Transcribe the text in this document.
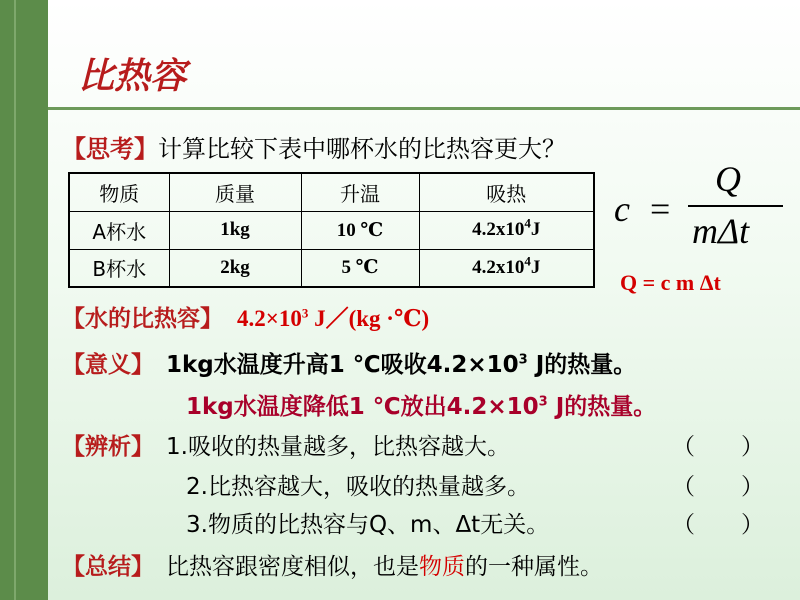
比热容
【思考】计算比较下表中哪杯水的比热容更大？
物质	质量	升温	吸热
A杯水	1kg	10 ℃	$4.2x10^4J$
B杯水	2kg	5 ℃	$4.2x10^4J$
c =
Q
mΔt
Q = c m Δt
【水的比热容】 $4.2\times 10^3$ J／(kg ·℃)
【意义】 1kg水温度升高1 ℃吸收$4.2\times 10^3$ J的热量。
1kg水温度降低1 ℃放出$4.2\times 10^3$ J的热量。
【辨析】 1.吸收的热量越多，比热容越大。	（　　）
2.比热容越大，吸收的热量越多。	（　　）
3.物质的比热容与Q、m、Δt无关。	（　　）
【总结】 比热容跟密度相似，也是物质的一种属性。
